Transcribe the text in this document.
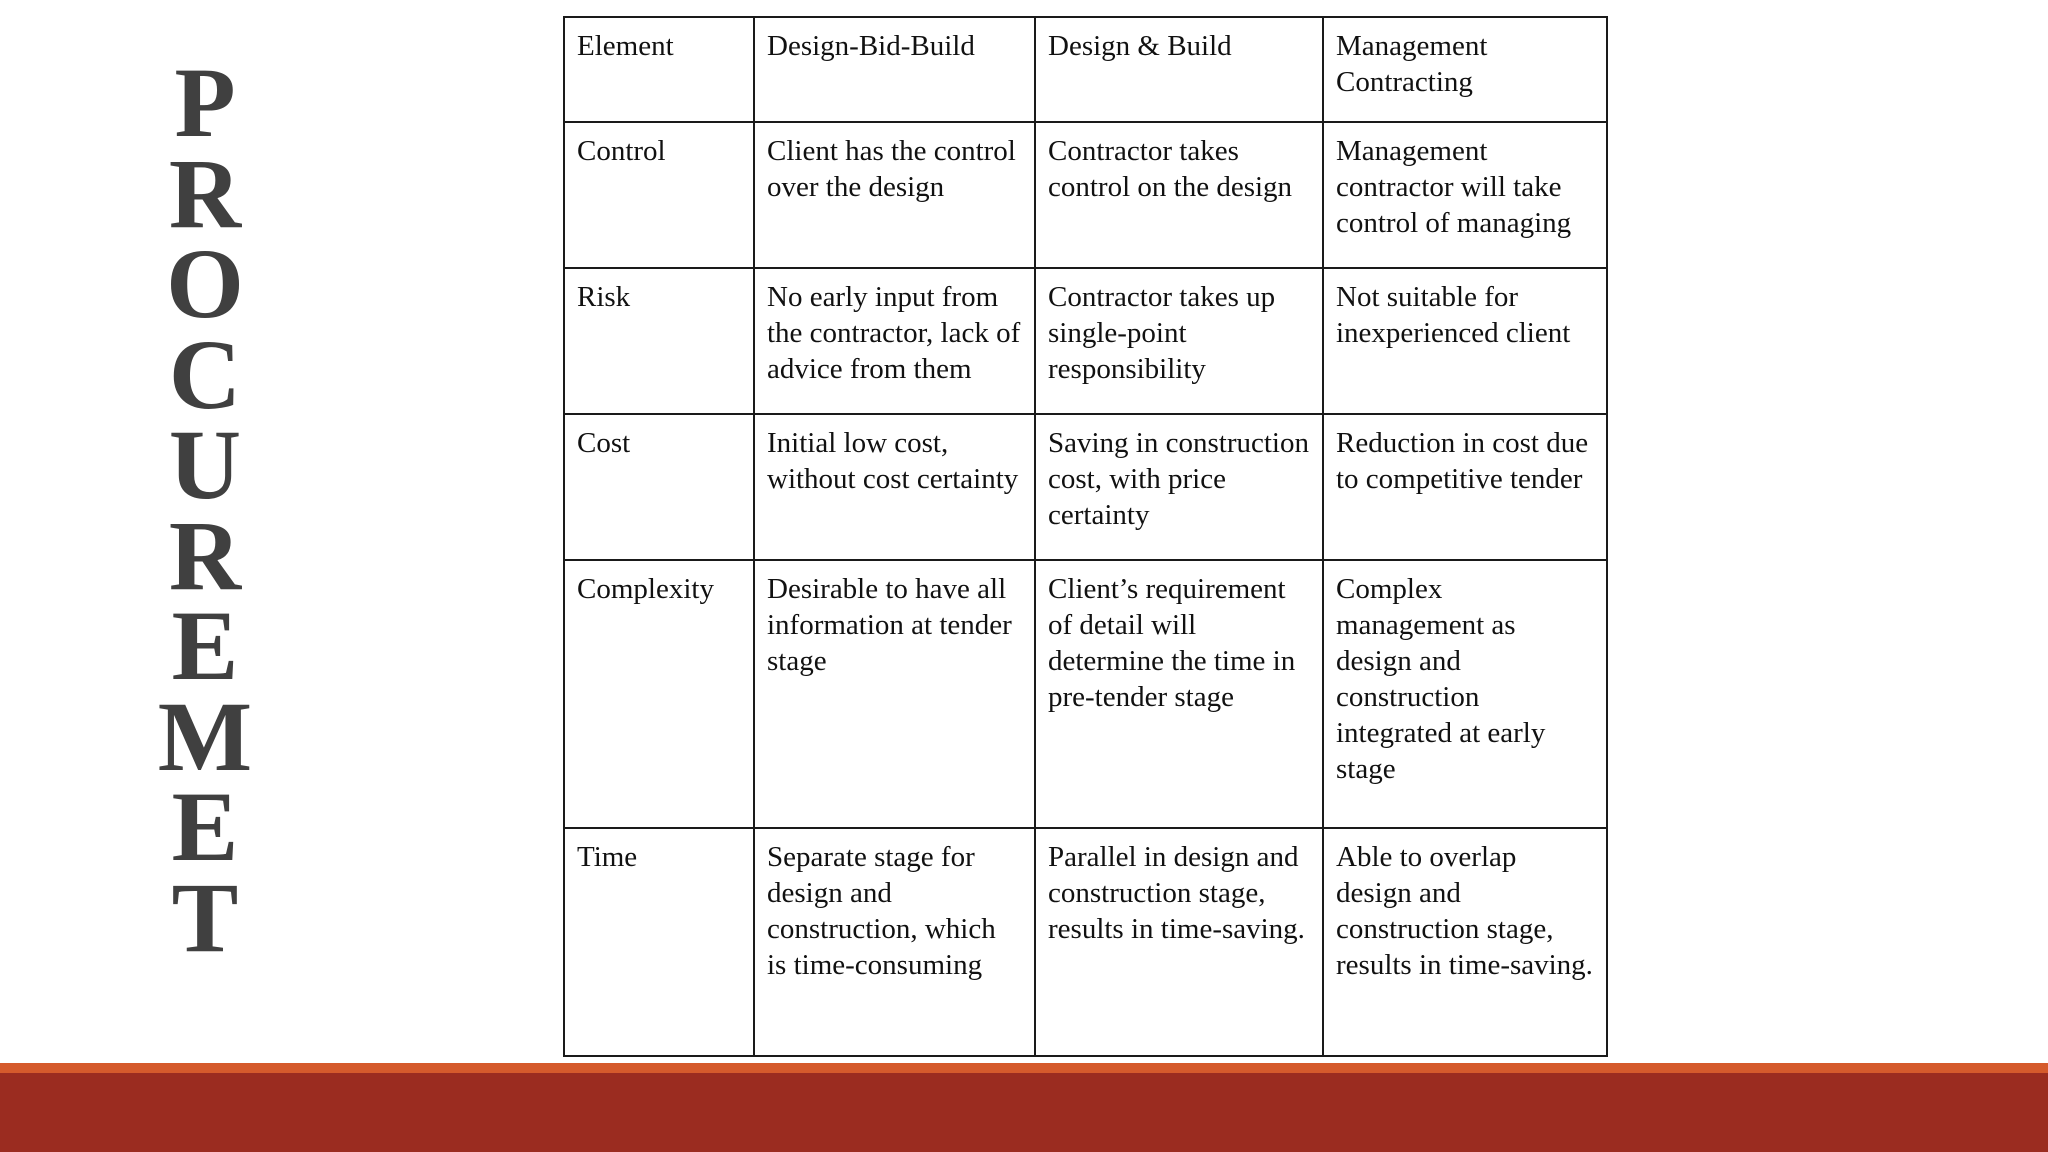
P
R
O
C
U
R
E
M
E
T
Element	Design-Bid-Build	Design & Build	Management Contracting
Control	Client has the control over the design	Contractor takes control on the design	Management contractor will take control of managing
Risk	No early input from the contractor, lack of advice from them	Contractor takes up single-point responsibility	Not suitable for inexperienced client
Cost	Initial low cost, without cost certainty	Saving in construction cost, with price certainty	Reduction in cost due to competitive tender
Complexity	Desirable to have all information at tender stage	Client’s requirement of detail will determine the time in pre-tender stage	Complex management as design and construction integrated at early stage
Time	Separate stage for design and construction, which is time-consuming	Parallel in design and construction stage, results in time-saving.	Able to overlap design and construction stage, results in time-saving.
